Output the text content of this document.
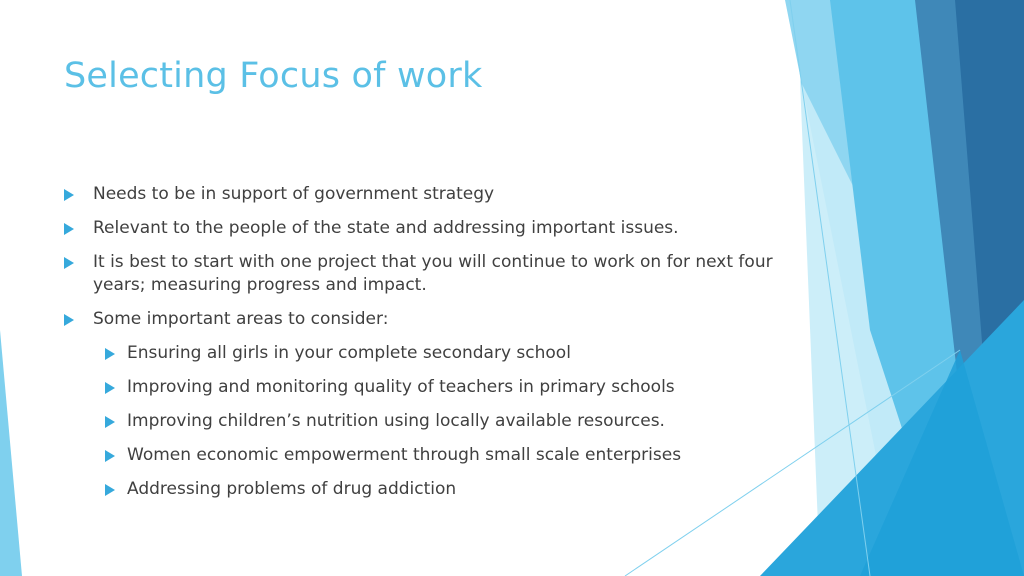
Selecting Focus of work
Needs to be in support of government strategy
Relevant to the people of the state and addressing important issues.
It is best to start with one project that you will continue to work on for next four years; measuring progress and impact.
Some important areas to consider:
Ensuring all girls in your complete secondary school
Improving and monitoring quality of teachers in primary schools
Improving children’s nutrition using locally available resources.
Women economic empowerment through small scale enterprises
Addressing problems of drug addiction
